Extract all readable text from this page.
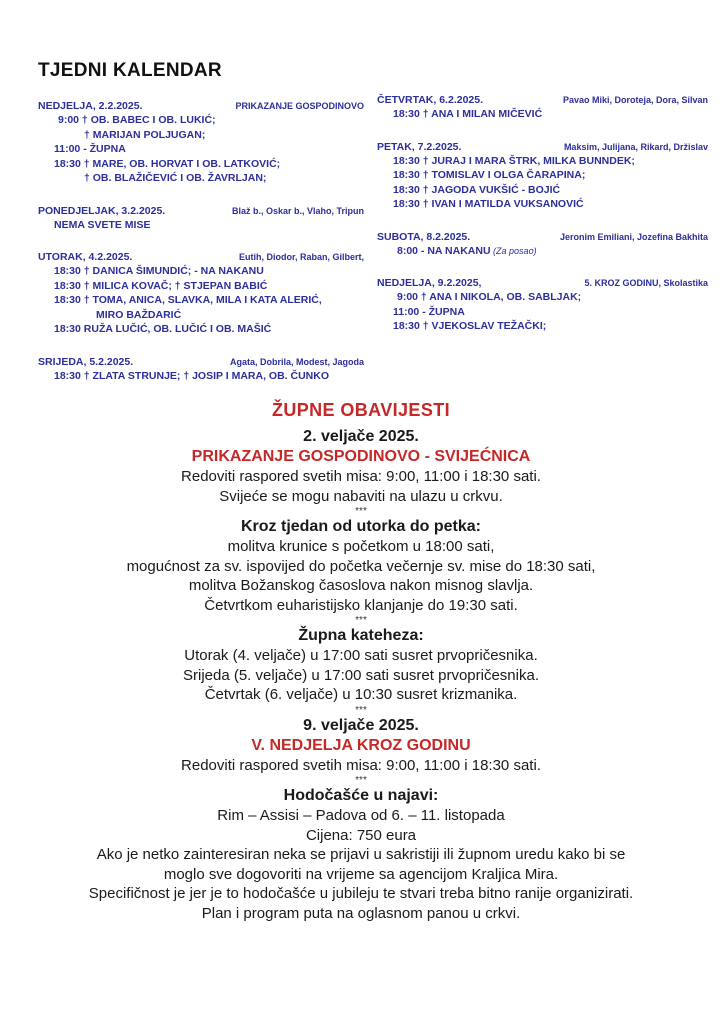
TJEDNI KALENDAR
NEDJELJA, 2.2.2025.	PRIKAZANJE GOSPODINOVO
9:00 † OB. BABEC I OB. LUKIĆ;
† MARIJAN POLJUGAN;
11:00 - ŽUPNA
18:30 † MARE, OB. HORVAT I OB. LATKOVIĆ;
† OB. BLAŽIČEVIĆ I OB. ŽAVRLJAN;
PONEDJELJAK, 3.2.2025.	Blaž b., Oskar b., Vlaho, Tripun
NEMA SVETE MISE
UTORAK, 4.2.2025.	Eutih, Diodor, Raban, Gilbert,
18:30 † DANICA ŠIMUNDIĆ; - NA NAKANU
18:30 † MILICA KOVAČ; † STJEPAN BABIĆ
18:30 † TOMA, ANICA, SLAVKA, MILA I KATA ALERIĆ,
MIRO BAŽDARIĆ
18:30 RUŽA LUČIĆ, OB. LUČIĆ I OB. MAŠIĆ
SRIJEDA, 5.2.2025.	Agata, Dobrila, Modest, Jagoda
18:30 † ZLATA STRUNJE; † JOSIP I MARA, OB. ČUNKO
ČETVRTAK, 6.2.2025.	Pavao Miki, Doroteja, Dora, Silvan
18:30 † ANA I MILAN MIČEVIĆ
PETAK, 7.2.2025.	Maksim, Julijana, Rikard, Držislav
18:30 † JURAJ I MARA ŠTRK, MILKA BUNNDEK;
18:30 † TOMISLAV I OLGA ČARAPINA;
18:30 † JAGODA VUKŠIĆ - BOJIĆ
18:30 † IVAN I MATILDA VUKSANOVIĆ
SUBOTA, 8.2.2025.	Jeronim Emiliani, Jozefina Bakhita
8:00 - NA NAKANU (Za posao)
NEDJELJA, 9.2.2025,	5. KROZ GODINU, Skolastika
9:00 † ANA I NIKOLA, OB. SABLJAK;
11:00 - ŽUPNA
18:30 † VJEKOSLAV TEŽAČKI;
ŽUPNE OBAVIJESTI
2. veljače 2025.
PRIKAZANJE GOSPODINOVO - SVIJEĆNICA
Redoviti raspored svetih misa: 9:00, 11:00 i 18:30 sati.
Svijeće se mogu nabaviti na ulazu u crkvu.
***
Kroz tjedan od utorka do petka:
molitva krunice s početkom u 18:00 sati,
mogućnost za sv. ispovijed do početka večernje sv. mise do 18:30 sati,
molitva Božanskog časoslova nakon misnog slavlja.
Četvrtkom euharistijsko klanjanje do 19:30 sati.
***
Župna kateheza:
Utorak (4. veljače) u 17:00 sati susret prvopričesnika.
Srijeda (5. veljače) u 17:00 sati susret prvopričesnika.
Četvrtak (6. veljače) u 10:30 susret krizmanika.
***
9. veljače 2025.
V. NEDJELJA KROZ GODINU
Redoviti raspored svetih misa: 9:00, 11:00 i 18:30 sati.
***
Hodočašće u najavi:
Rim – Assisi – Padova od 6. – 11. listopada
Cijena: 750 eura
Ako je netko zainteresiran neka se prijavi u sakristiji ili župnom uredu kako bi se
moglo sve dogovoriti na vrijeme sa agencijom Kraljica Mira.
Specifičnost je jer je to hodočašće u jubileju te stvari treba bitno ranije organizirati.
Plan i program puta na oglasnom panou u crkvi.
